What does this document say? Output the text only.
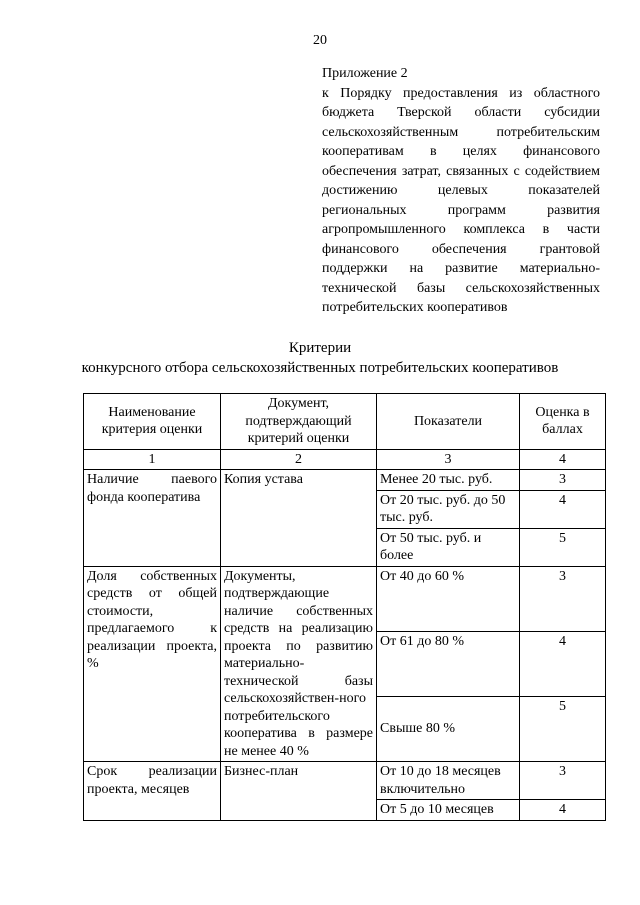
20
Приложение 2
к Порядку предоставления из областного бюджета Тверской области субсидии сельскохозяйственным потребительским кооперативам в целях финансового обеспечения затрат, связанных с содействием достижению целевых показателей региональных программ развития агропромышленного комплекса в части финансового обеспечения грантовой поддержки на развитие материально-технической базы сельскохозяйственных потребительских кооперативов
Критерии
конкурсного отбора сельскохозяйственных потребительских кооперативов
Наименование критерия оценки	Документ, подтверждающий критерий оценки	Показатели	Оценка в баллах
1	2	3	4
Наличие паевого фонда кооператива	Копия устава	Менее 20 тыс. руб.	3
		От 20 тыс. руб. до 50 тыс. руб.	4
		От 50 тыс. руб. и более	5
Доля собственных средств от общей стоимости, предлагаемого к реализации проекта, %	Документы, подтверждающие наличие собственных средств на реализацию проекта по развитию материально-технической базы сельскохозяйствен-ного потребительского кооператива в размере не менее 40 %	От 40 до 60 %	3
		От 61 до 80 %	4
		Свыше 80 %	5
Срок реализации проекта, месяцев	Бизнес-план	От 10 до 18 месяцев включительно	3
		От 5 до 10 месяцев	4
